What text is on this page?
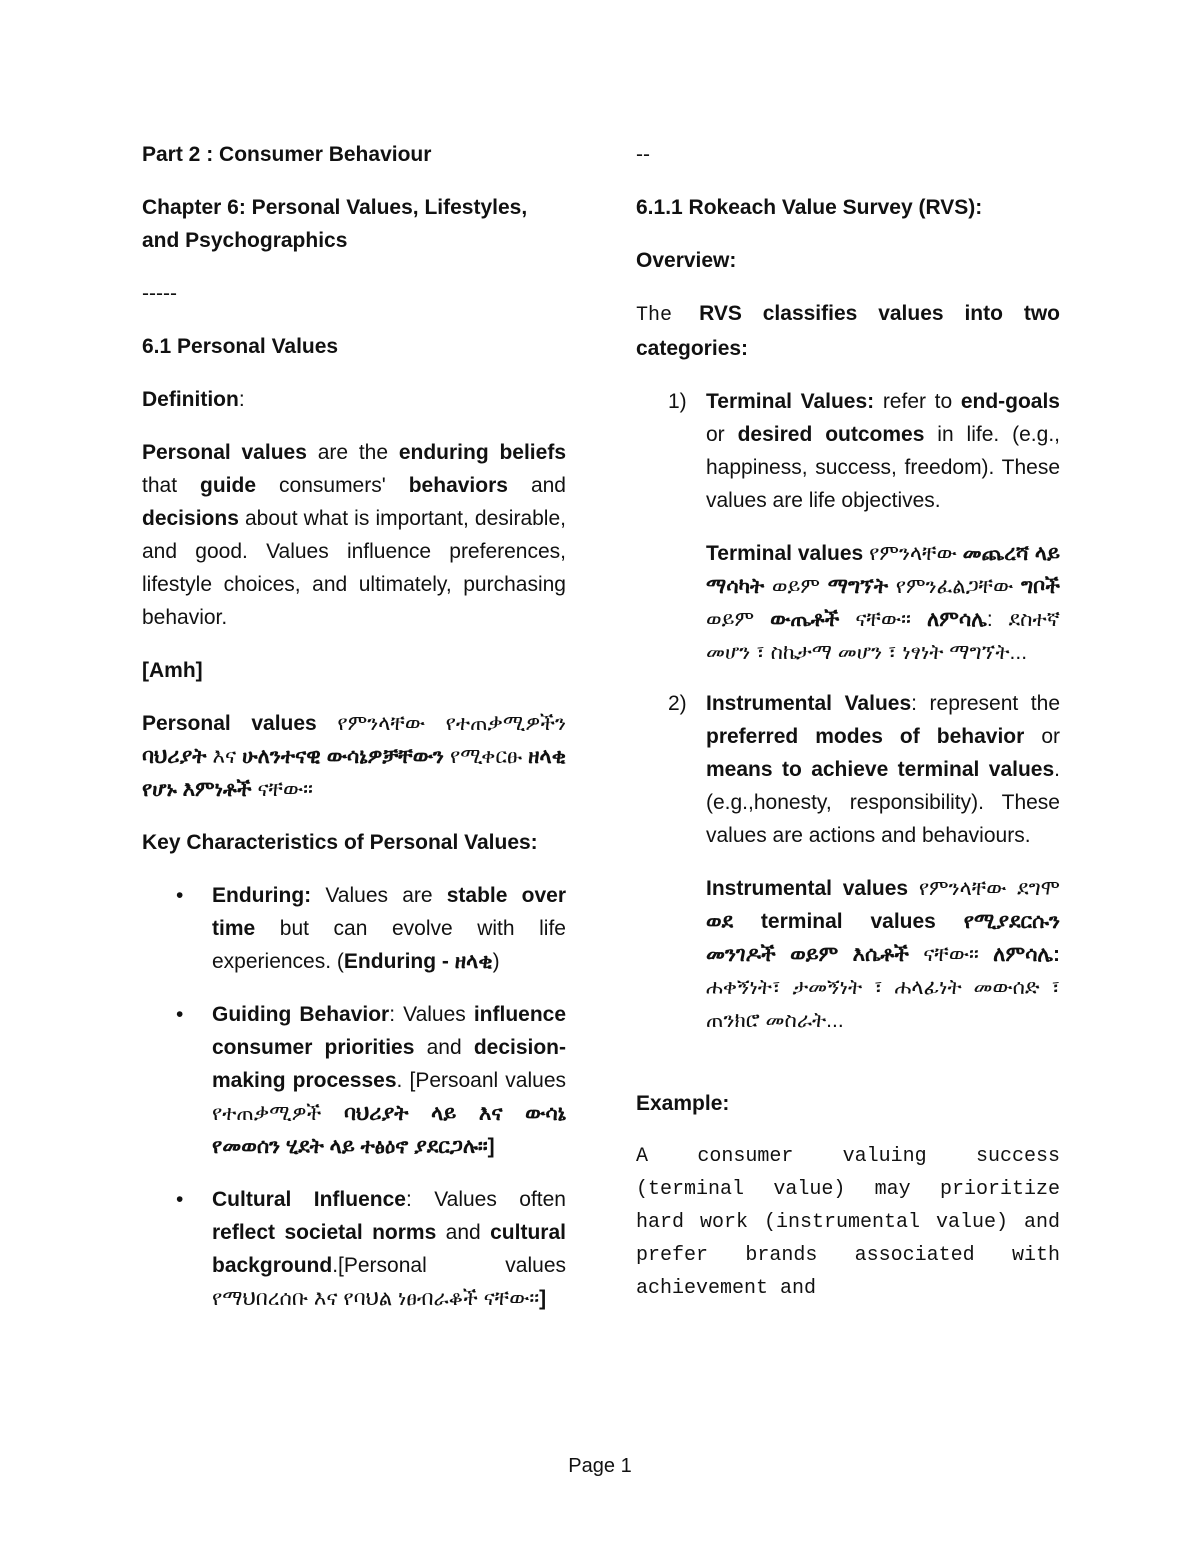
Part 2 : Consumer Behaviour

Chapter 6: Personal Values, Lifestyles, and Psychographics

-----

6.1 Personal Values

Definition:

Personal values are the enduring beliefs that guide consumers' behaviors and decisions about what is important, desirable, and good. Values influence preferences, lifestyle choices, and ultimately, purchasing behavior.

[Amh]

Personal values የምንላቸው የተጠቃሚዎችን ባህሪያት እና ሁለንተናዊ ውሳኔዎቻቸውን የሚቀርፁ ዘላቂ የሆኑ እምነቶች ናቸው።

Key Characteristics of Personal Values:

• Enduring: Values are stable over time but can evolve with life experiences. (Enduring - ዘላቂ)
• Guiding Behavior: Values influence consumer priorities and decision-making processes. [Persoanl values የተጠቃሚዎች ባህሪያት ላይ እና ውሳኔ የመወሰን ሂደት ላይ ተፅዕኖ ያደርጋሉ።]
• Cultural Influence: Values often reflect societal norms and cultural background.[Personal values የማህበረሰቡ እና የባህል ነፀብራቆች ናቸው።]

--

6.1.1 Rokeach Value Survey (RVS):

Overview:

The RVS classifies values into two categories:

1) Terminal Values: refer to end-goals or desired outcomes in life. (e.g., happiness, success, freedom). These values are life objectives.
Terminal values የምንላቸው መጨረሻ ላይ ማሳካት ወይም ማግኘት የምንፈልጋቸው ግቦች ወይም ውጤቶች ናቸው። ለምሳሌ: ደስተኛ መሆን ፣ ስኬታማ መሆን ፣ ነፃነት ማግኘት...
2) Instrumental Values: represent the preferred modes of behavior or means to achieve terminal values.(e.g.,honesty, responsibility). These values are actions and behaviours.
Instrumental values የምንላቸው ደግሞ ወደ terminal values የሚያደርሱን መንገዶች ወይም እሴቶች ናቸው። ለምሳሌ: ሐቀኝነት፣ ታመኝነት ፣ ሐላፊነት መውሰድ ፣ ጠንክሮ መስራት...

Example:

A consumer valuing success (terminal value) may prioritize hard work (instrumental value) and prefer brands associated with achievement and

Page 1
